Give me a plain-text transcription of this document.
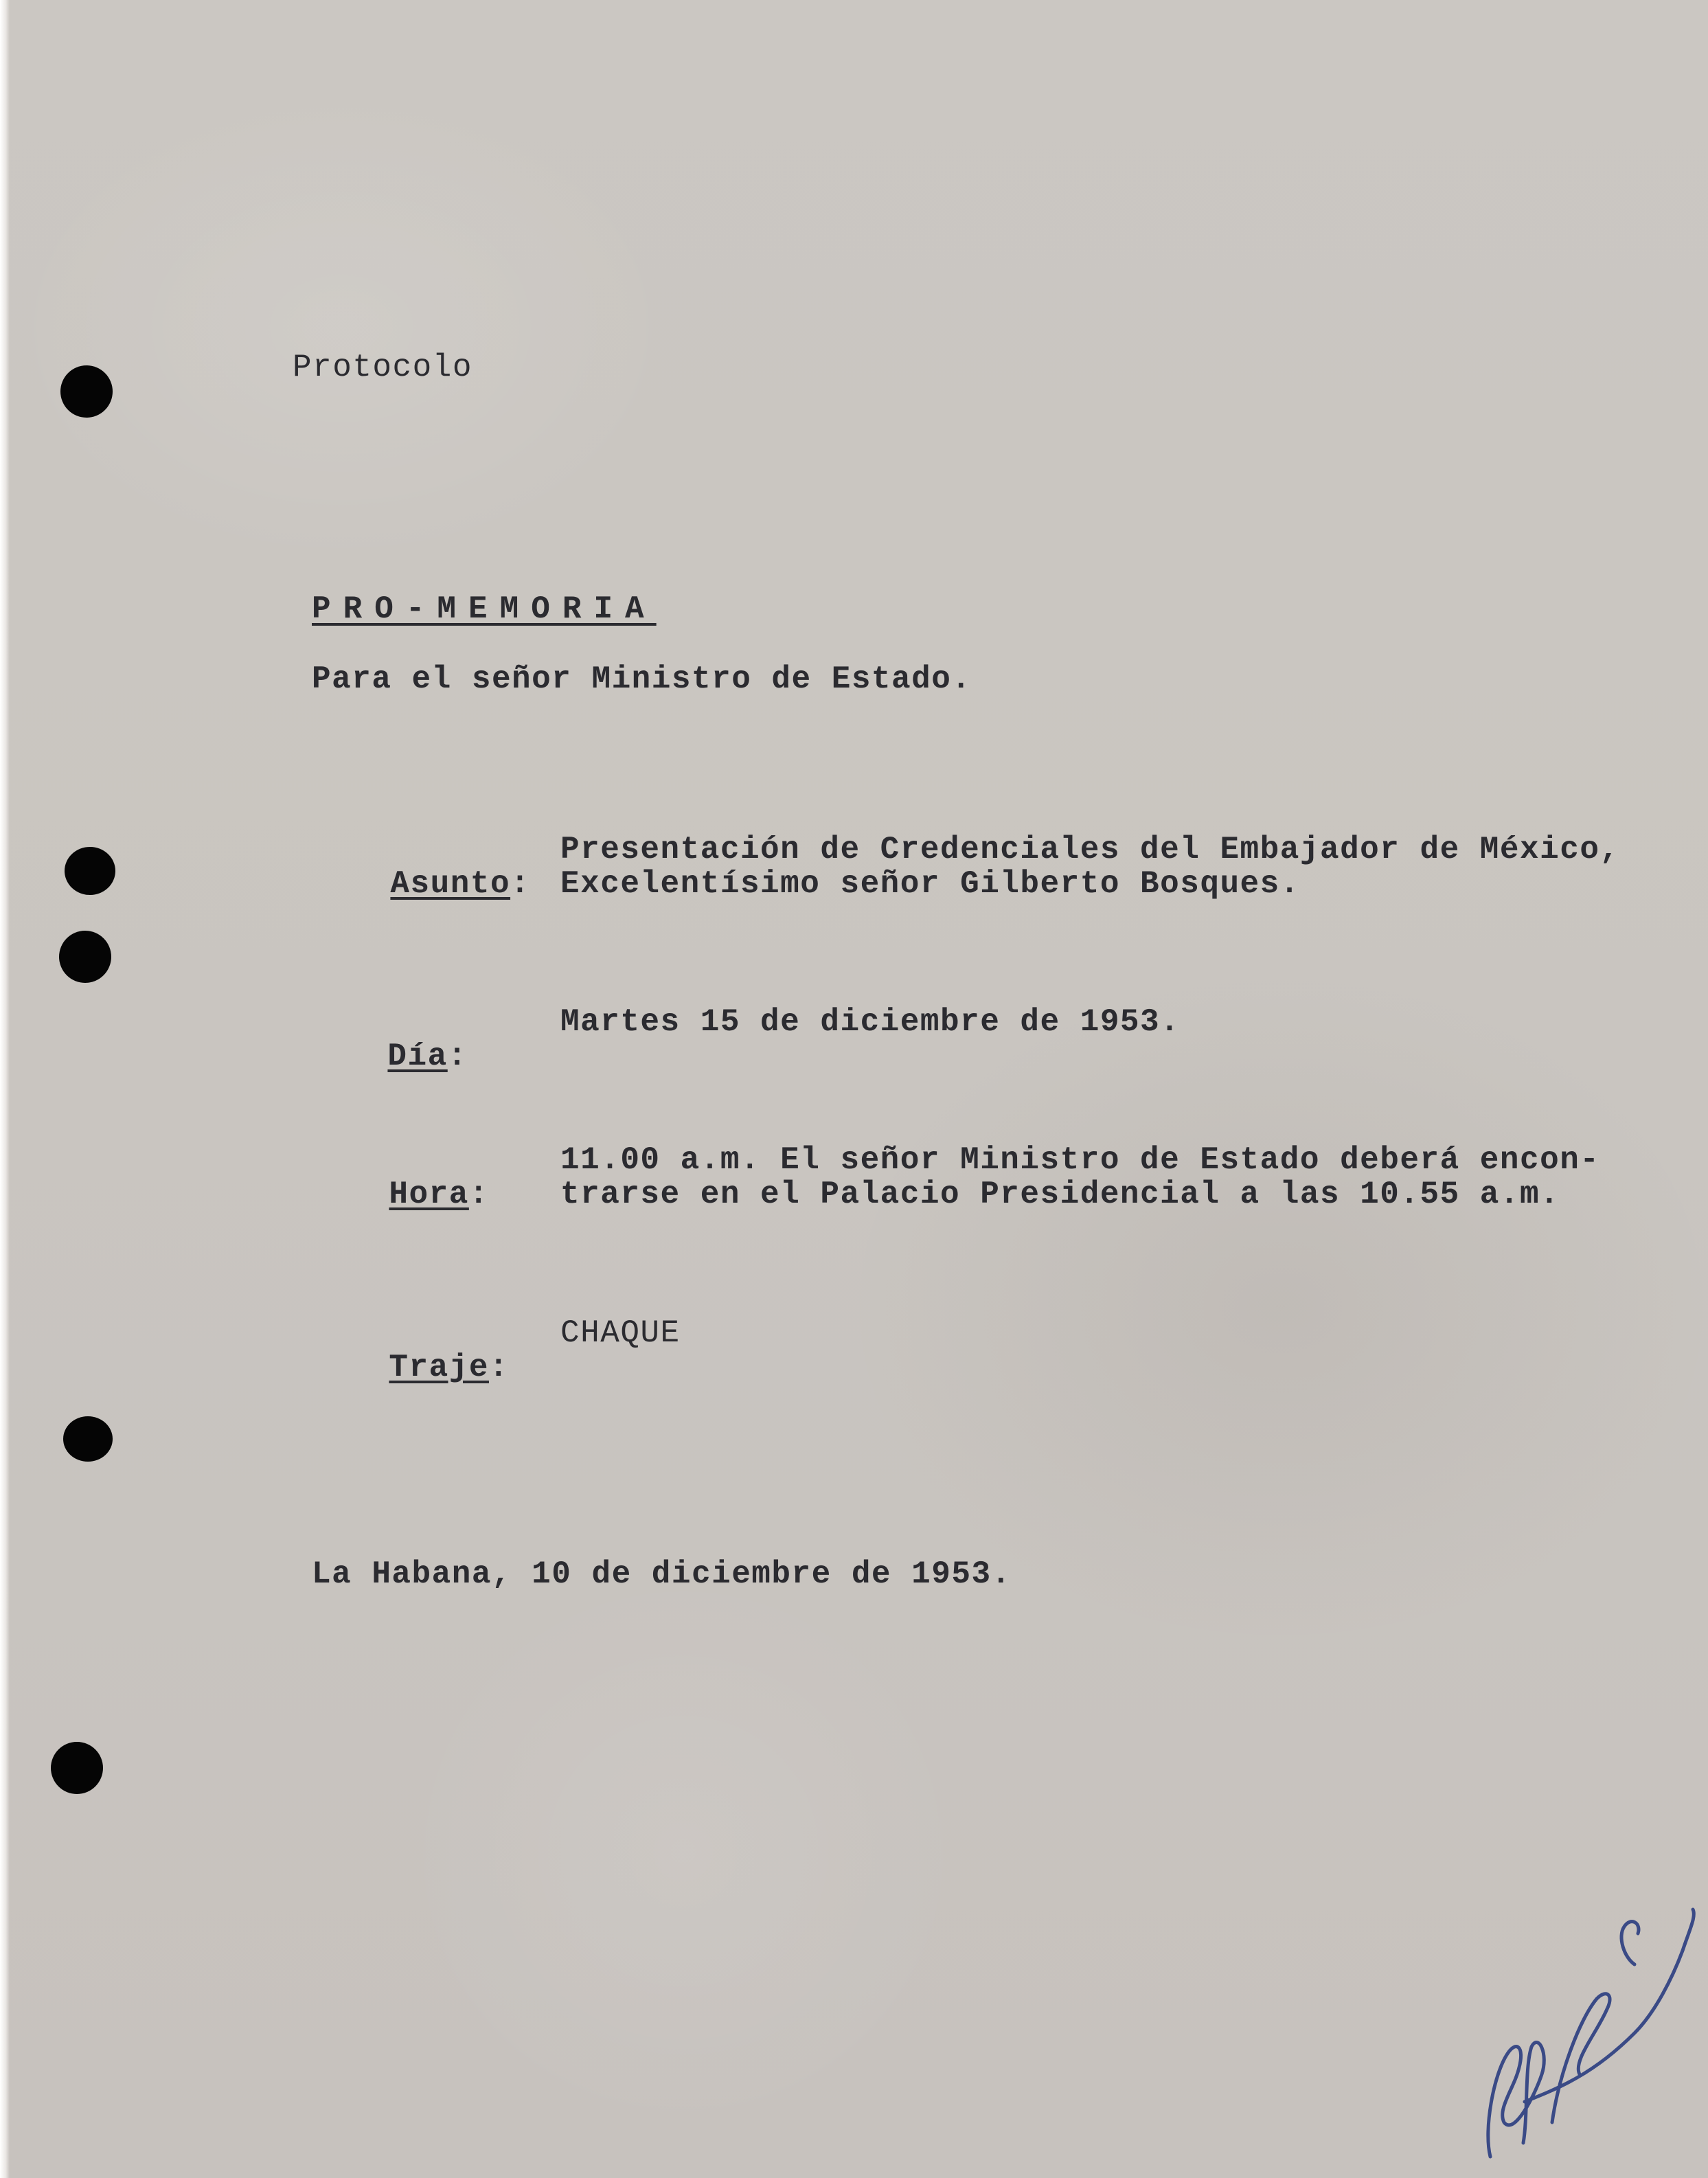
Protocolo
PRO-MEMORIA
Para el señor Ministro de Estado.

Asunto:

Presentación de Credenciales del Embajador de México,
Excelentísimo señor Gilberto Bosques.

Día:

Martes 15 de diciembre de 1953.

Hora:

11.00 a.m. El señor Ministro de Estado deberá encon-
trarse en el Palacio Presidencial a las 10.55 a.m.

Traje:

CHAQUE
La Habana, 10 de diciembre de 1953.
